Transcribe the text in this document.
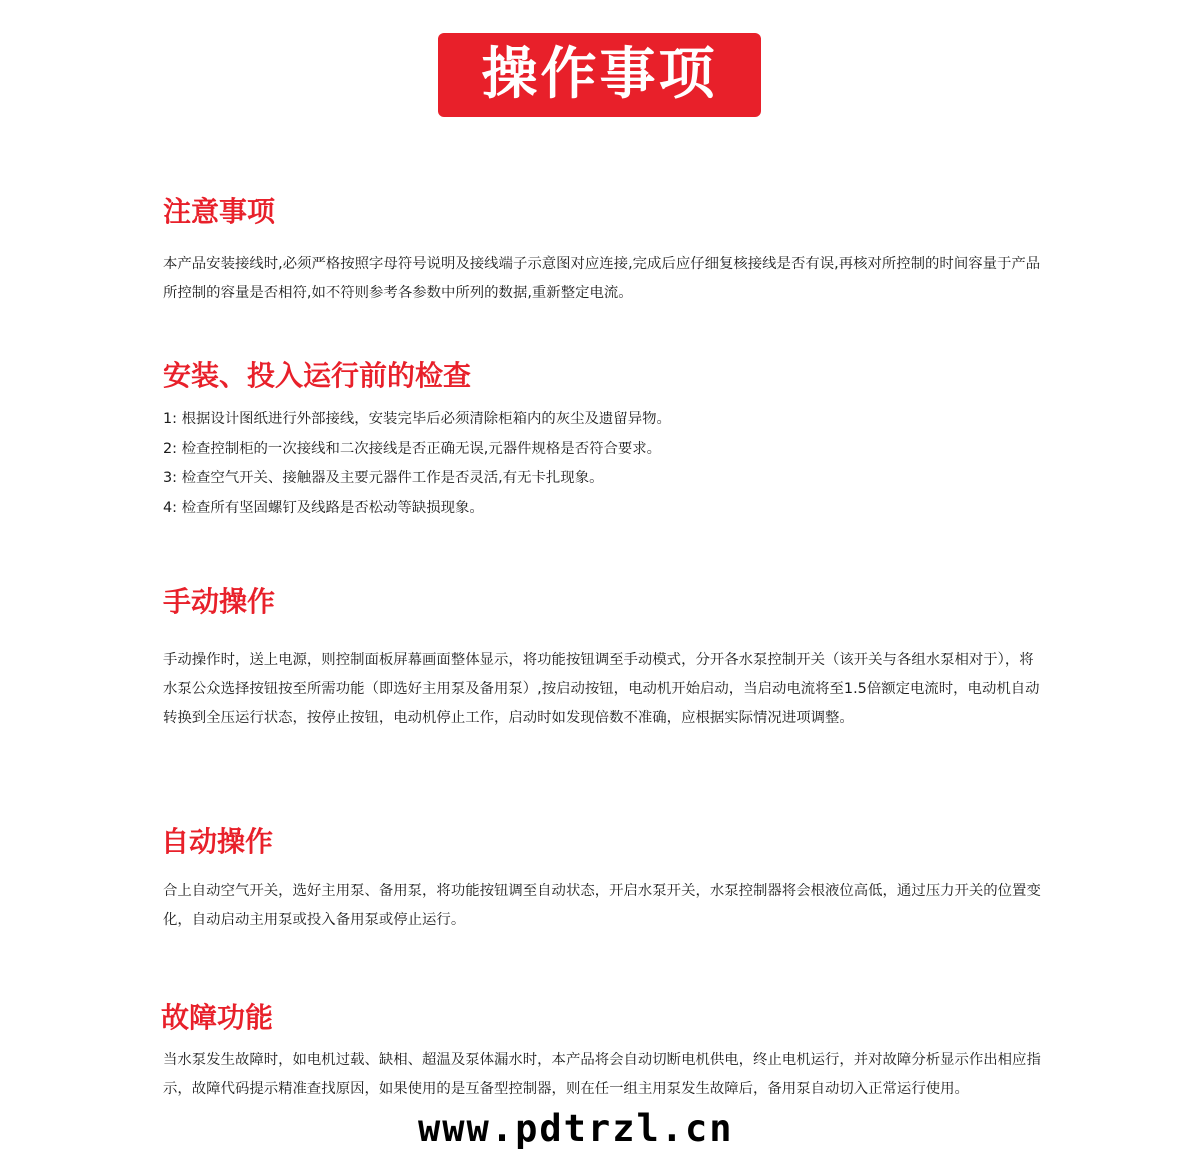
操作事项
注意事项

本产品安装接线时,必须严格按照字母符号说明及接线端子示意图对应连接,完成后应仔细复核接线是否有误,再核对所控制的时间容量于产品所控制的容量是否相符,如不符则参考各参数中所列的数据,重新整定电流。

安装、投入运行前的检查
1: 根据设计图纸进行外部接线，安装完毕后必须清除柜箱内的灰尘及遗留异物。
2: 检查控制柜的一次接线和二次接线是否正确无误,元器件规格是否符合要求。
3: 检查空气开关、接触器及主要元器件工作是否灵活,有无卡扎现象。
4: 检查所有坚固螺钉及线路是否松动等缺损现象。
手动操作

手动操作时，送上电源，则控制面板屏幕画面整体显示，将功能按钮调至手动模式，分开各水泵控制开关（该开关与各组水泵相对于），将水泵公众选择按钮按至所需功能（即选好主用泵及备用泵）,按启动按钮，电动机开始启动，当启动电流将至1.5倍额定电流时，电动机自动转换到全压运行状态，按停止按钮，电动机停止工作，启动时如发现倍数不准确，应根据实际情况进项调整。

自动操作

合上自动空气开关，选好主用泵、备用泵，将功能按钮调至自动状态，开启水泵开关，水泵控制器将会根液位高低，通过压力开关的位置变化，自动启动主用泵或投入备用泵或停止运行。

故障功能

当水泵发生故障时，如电机过载、缺相、超温及泵体漏水时，本产品将会自动切断电机供电，终止电机运行，并对故障分析显示作出相应指示，故障代码提示精准查找原因，如果使用的是互备型控制器，则在任一组主用泵发生故障后，备用泵自动切入正常运行使用。

www.pdtrzl.cn
